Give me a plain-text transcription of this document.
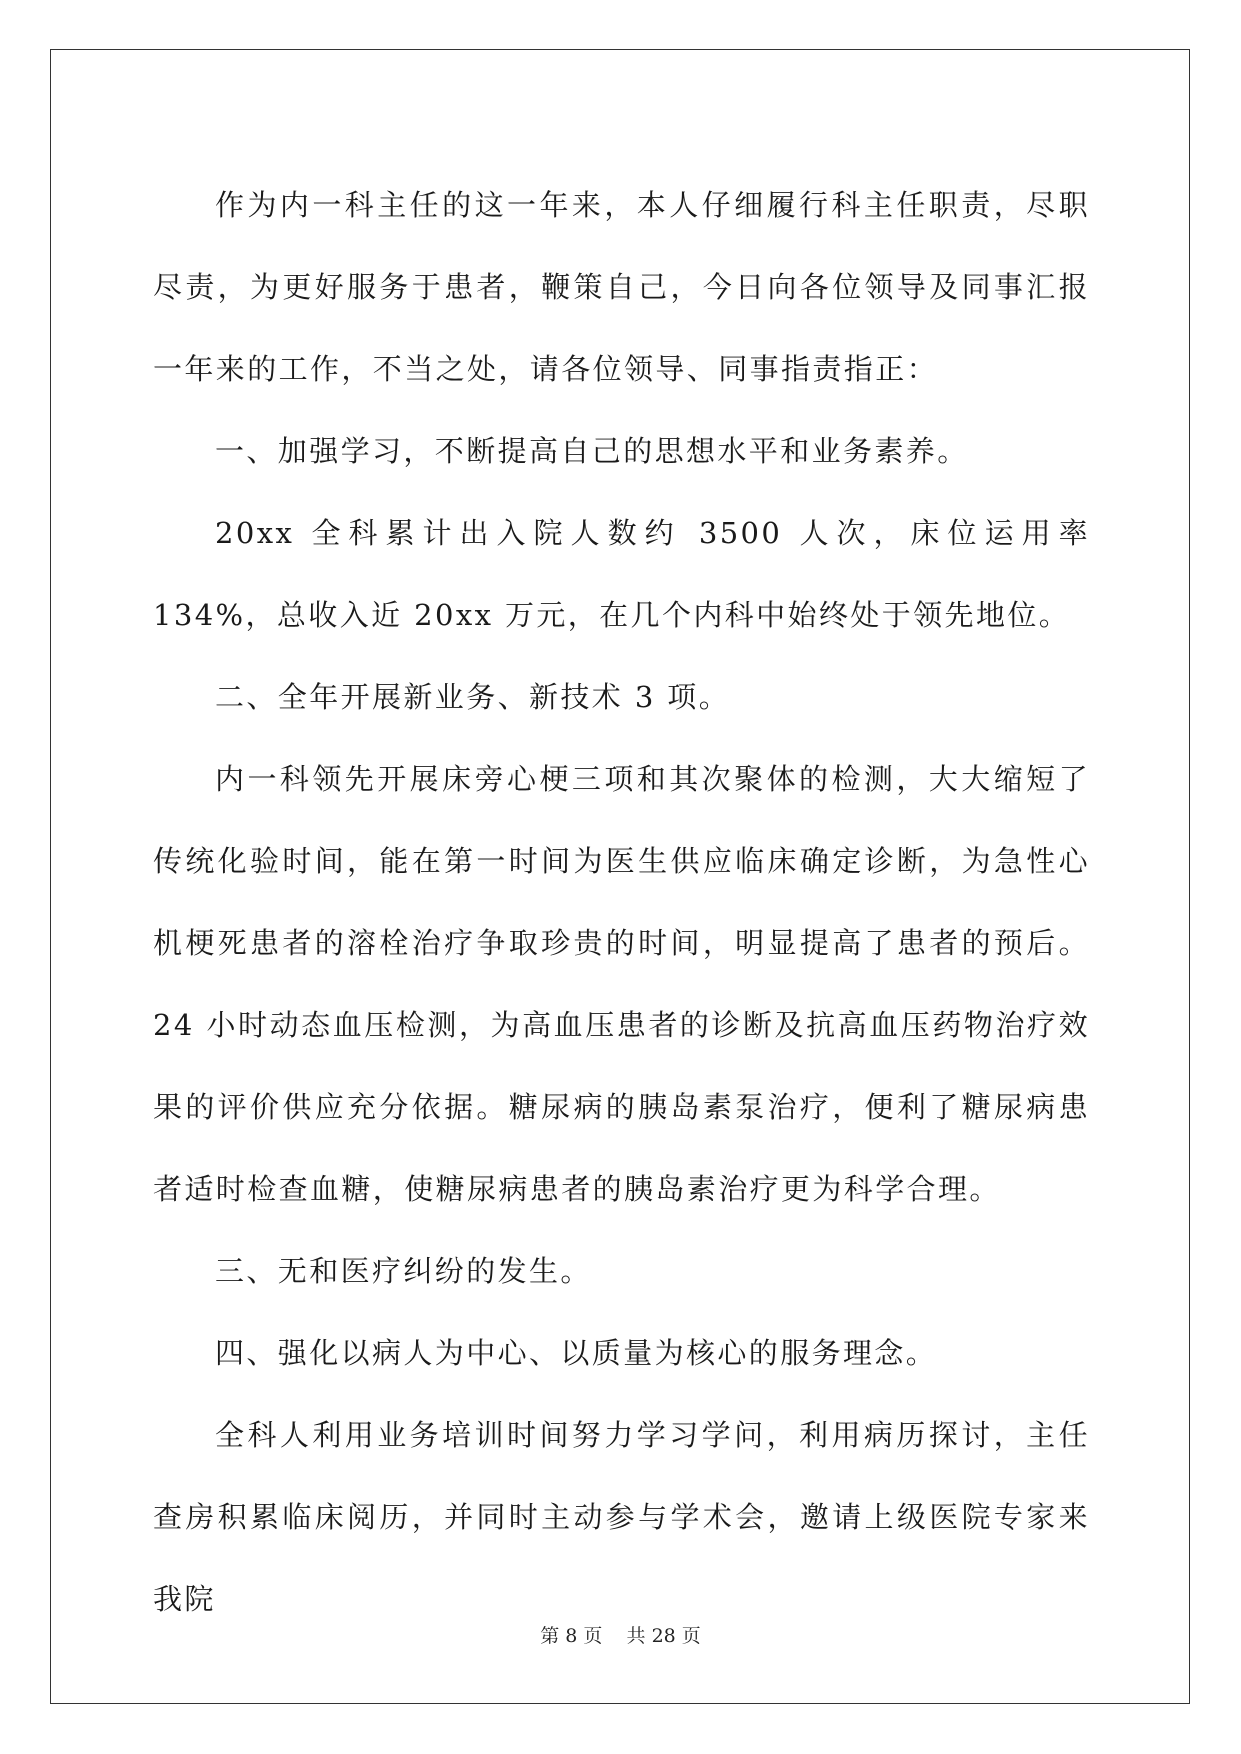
作为内一科主任的这一年来，本人仔细履行科主任职责，尽职尽责，为更好服务于患者，鞭策自己，今日向各位领导及同事汇报一年来的工作，不当之处，请各位领导、同事指责指正：

一、加强学习，不断提高自己的思想水平和业务素养。

20xx 全科累计出入院人数约 3500 人次，床位运用率 134%，总收入近 20xx 万元，在几个内科中始终处于领先地位。

二、全年开展新业务、新技术 3 项。

内一科领先开展床旁心梗三项和其次聚体的检测，大大缩短了传统化验时间，能在第一时间为医生供应临床确定诊断，为急性心机梗死患者的溶栓治疗争取珍贵的时间，明显提高了患者的预后。24 小时动态血压检测，为高血压患者的诊断及抗高血压药物治疗效果的评价供应充分依据。糖尿病的胰岛素泵治疗，便利了糖尿病患者适时检查血糖，使糖尿病患者的胰岛素治疗更为科学合理。

三、无和医疗纠纷的发生。

四、强化以病人为中心、以质量为核心的服务理念。

全科人利用业务培训时间努力学习学问，利用病历探讨，主任查房积累临床阅历，并同时主动参与学术会，邀请上级医院专家来我院

第 8 页 共 28 页
